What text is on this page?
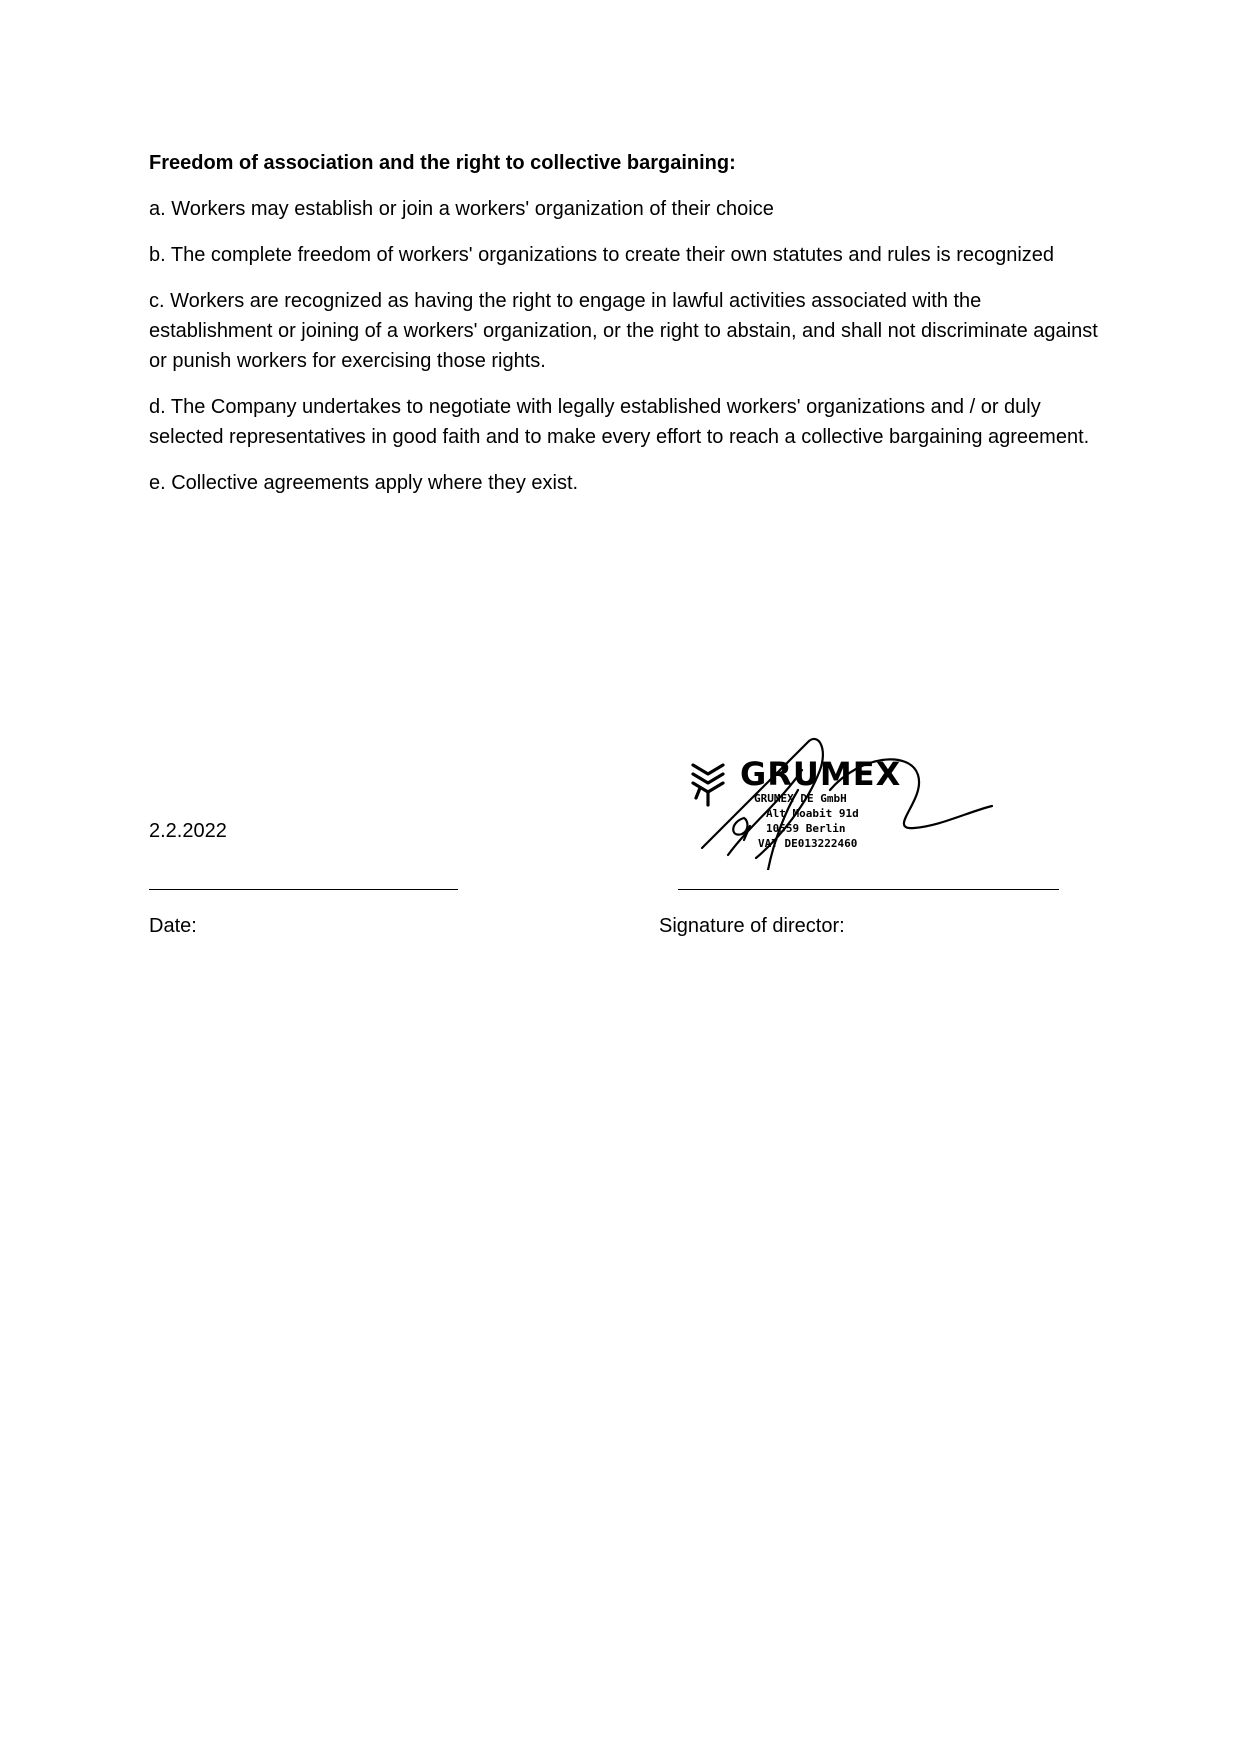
Freedom of association and the right to collective bargaining:
a. Workers may establish or join a workers' organization of their choice
b. The complete freedom of workers' organizations to create their own statutes and rules is recognized
c. Workers are recognized as having the right to engage in lawful activities associated with the establishment or joining of a workers' organization, or the right to abstain, and shall not discriminate against or punish workers for exercising those rights.
d. The Company undertakes to negotiate with legally established workers' organizations and / or duly selected representatives in good faith and to make every effort to reach a collective bargaining agreement.
e. Collective agreements apply where they exist.
2.2.2022
GRUMEX
GRUMEX DE GmbH
Alt Moabit 91d
10559 Berlin
VAT DE013222460
Date:	Signature of director:
